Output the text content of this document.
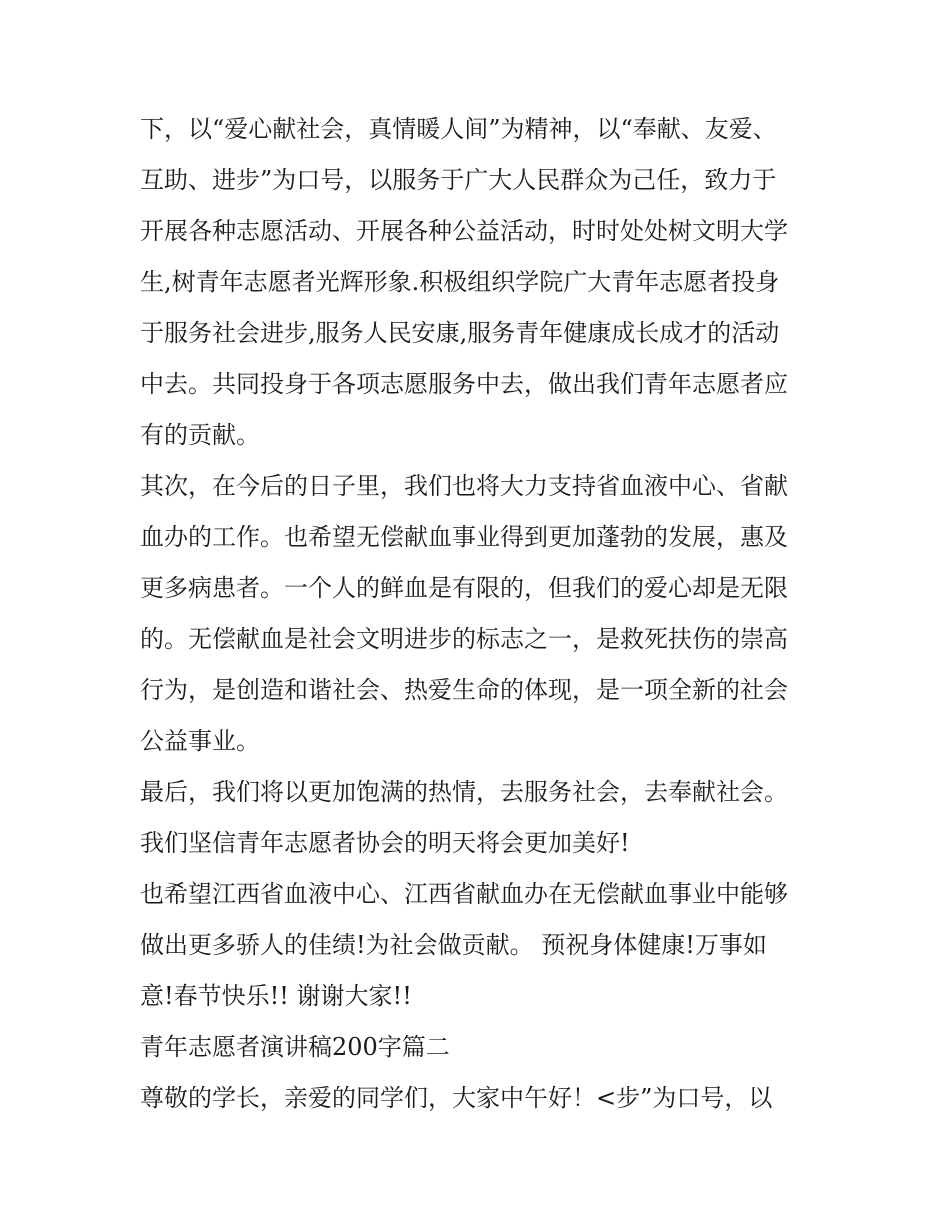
下，以“爱心献社会，真情暖人间”为精神，以“奉献、友爱、
互助、进步”为口号，以服务于广大人民群众为己任，致力于
开展各种志愿活动、开展各种公益活动，时时处处树文明大学
生,树青年志愿者光辉形象.积极组织学院广大青年志愿者投身
于服务社会进步,服务人民安康,服务青年健康成长成才的活动
中去。共同投身于各项志愿服务中去，做出我们青年志愿者应
有的贡献。
其次，在今后的日子里，我们也将大力支持省血液中心、省献
血办的工作。也希望无偿献血事业得到更加蓬勃的发展，惠及
更多病患者。一个人的鲜血是有限的，但我们的爱心却是无限
的。无偿献血是社会文明进步的标志之一，是救死扶伤的崇高
行为，是创造和谐社会、热爱生命的体现，是一项全新的社会
公益事业。
最后，我们将以更加饱满的热情，去服务社会，去奉献社会。
我们坚信青年志愿者协会的明天将会更加美好!
也希望江西省血液中心、江西省献血办在无偿献血事业中能够
做出更多骄人的佳绩!为社会做贡献。 预祝身体健康!万事如
意!春节快乐!! 谢谢大家!!
青年志愿者演讲稿200字篇二
尊敬的学长，亲爱的同学们，大家中午好！<步”为口号，以
